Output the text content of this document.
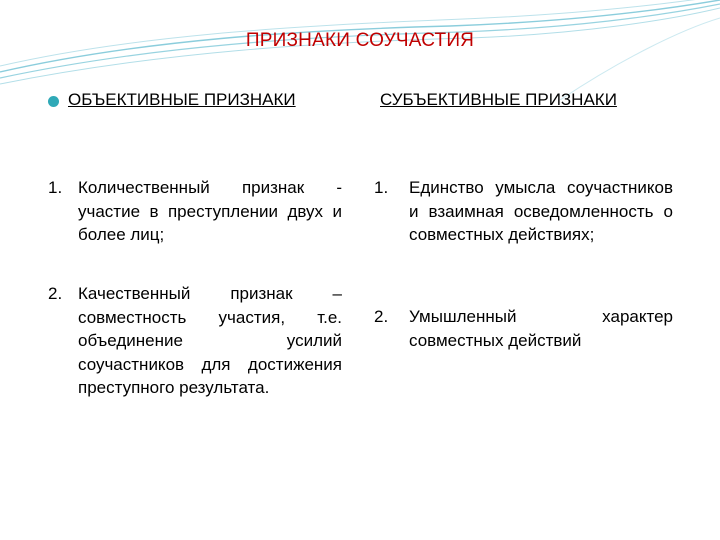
ПРИЗНАКИ СОУЧАСТИЯ
ОБЪЕКТИВНЫЕ ПРИЗНАКИ	СУБЪЕКТИВНЫЕ ПРИЗНАКИ
1. Количественный признак - участие в преступлении двух и более лиц;
2. Качественный признак – совместность участия, т.е. объединение усилий соучастников для достижения преступного результата.
1. Единство умысла соучастников и взаимная осведомленность о совместных действиях;
2. Умышленный характер совместных действий
